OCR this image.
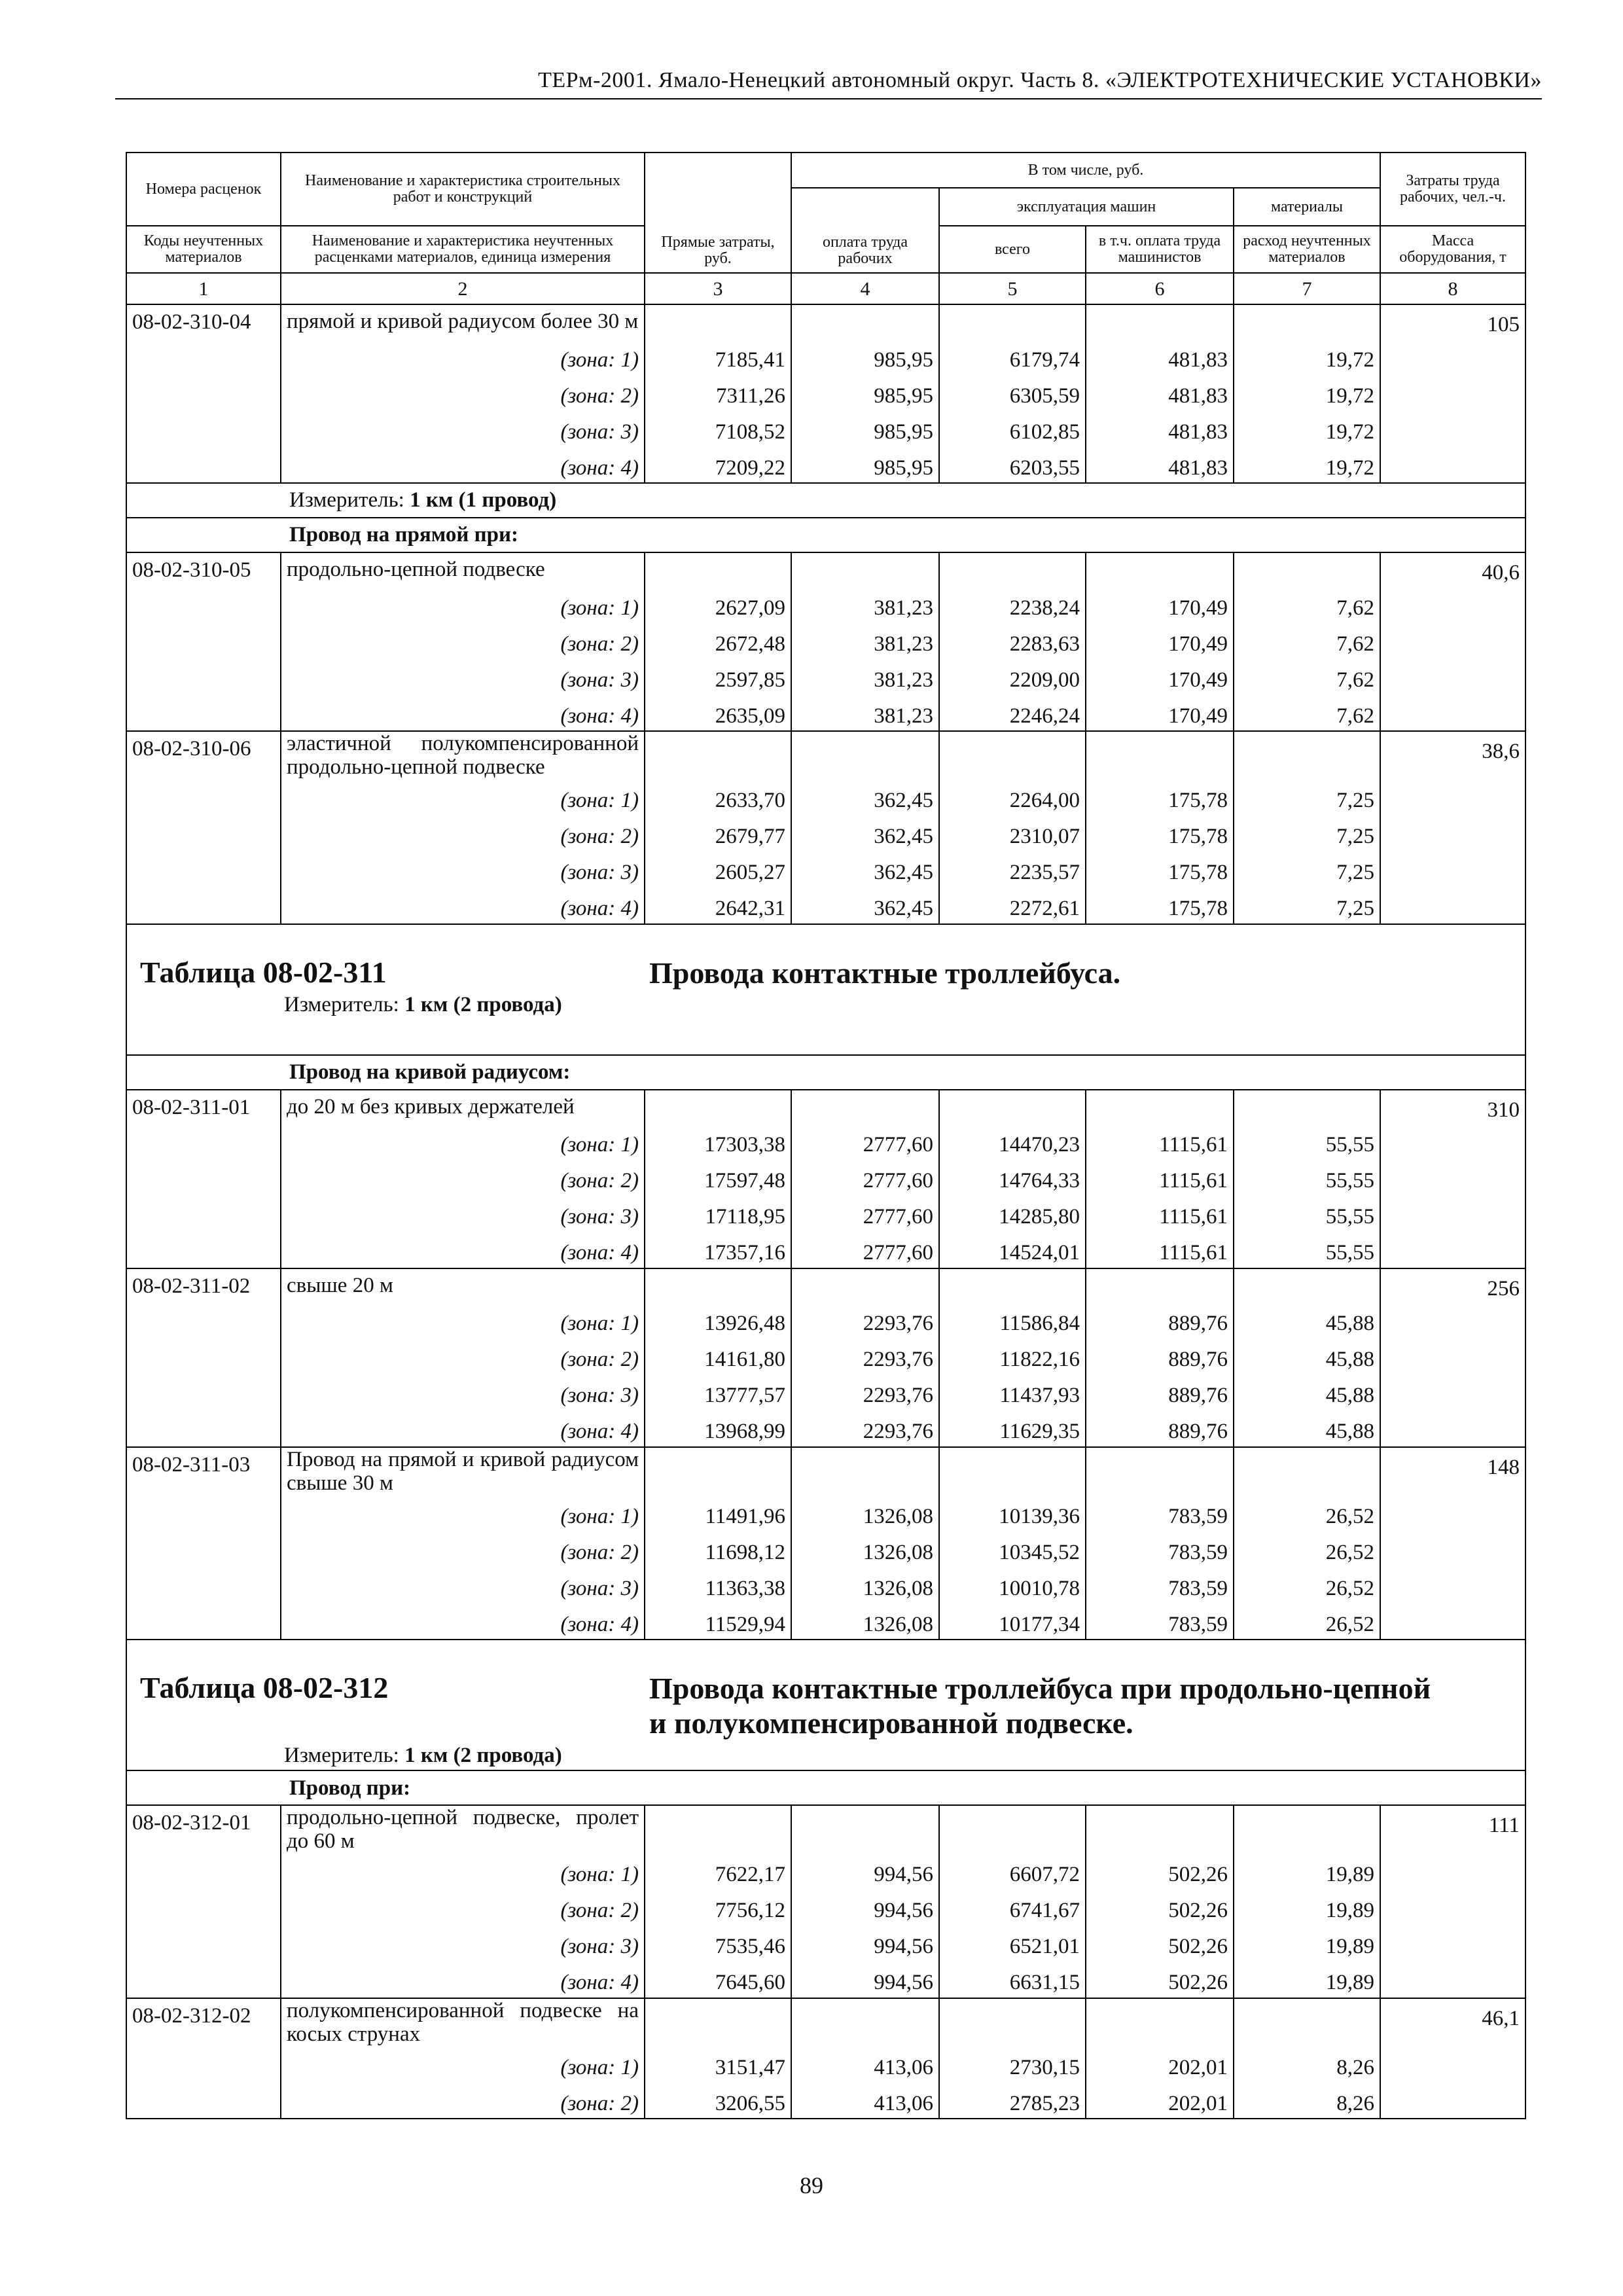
ТЕРм-2001. Ямало-Ненецкий автономный округ. Часть 8. «ЭЛЕКТРОТЕХНИЧЕСКИЕ УСТАНОВКИ»
Номера расценок	Наименование и характеристика строительных работ и конструкций	Прямые затраты, руб.	В том числе, руб.				Затраты труда рабочих, чел.-ч.
			оплата труда рабочих	эксплуатация машин		материалы	
Коды неучтенных материалов	Наименование и характеристика неучтенных расценками материалов, единица измерения			всего	в т.ч. оплата труда машинистов	расход неучтенных материалов	Масса оборудования, т
1	2	3	4	5	6	7	8
08-02-310-04	прямой и кривой радиусом более 30 м						105
	(зона: 1)	7185,41	985,95	6179,74	481,83	19,72	
	(зона: 2)	7311,26	985,95	6305,59	481,83	19,72	
	(зона: 3)	7108,52	985,95	6102,85	481,83	19,72	
	(зона: 4)	7209,22	985,95	6203,55	481,83	19,72	
Измеритель: 1 км (1 провод)							
Провод на прямой при:							
08-02-310-05	продольно-цепной подвеске						40,6
	(зона: 1)	2627,09	381,23	2238,24	170,49	7,62	
	(зона: 2)	2672,48	381,23	2283,63	170,49	7,62	
	(зона: 3)	2597,85	381,23	2209,00	170,49	7,62	
	(зона: 4)	2635,09	381,23	2246,24	170,49	7,62	
08-02-310-06	эластичной полукомпенсированной продольно-цепной подвеске						38,6
	(зона: 1)	2633,70	362,45	2264,00	175,78	7,25	
	(зона: 2)	2679,77	362,45	2310,07	175,78	7,25	
	(зона: 3)	2605,27	362,45	2235,57	175,78	7,25	
	(зона: 4)	2642,31	362,45	2272,61	175,78	7,25	
Таблица 08-02-311 Провода контактные троллейбуса.
Измеритель: 1 км (2 провода)							

Провод на кривой радиусом:							
08-02-311-01	до 20 м без кривых держателей						310
	(зона: 1)	17303,38	2777,60	14470,23	1115,61	55,55	
	(зона: 2)	17597,48	2777,60	14764,33	1115,61	55,55	
	(зона: 3)	17118,95	2777,60	14285,80	1115,61	55,55	
	(зона: 4)	17357,16	2777,60	14524,01	1115,61	55,55	
08-02-311-02	свыше 20 м						256
	(зона: 1)	13926,48	2293,76	11586,84	889,76	45,88	
	(зона: 2)	14161,80	2293,76	11822,16	889,76	45,88	
	(зона: 3)	13777,57	2293,76	11437,93	889,76	45,88	
	(зона: 4)	13968,99	2293,76	11629,35	889,76	45,88	
08-02-311-03	Провод на прямой и кривой радиусом свыше 30 м						148
	(зона: 1)	11491,96	1326,08	10139,36	783,59	26,52	
	(зона: 2)	11698,12	1326,08	10345,52	783,59	26,52	
	(зона: 3)	11363,38	1326,08	10010,78	783,59	26,52	
	(зона: 4)	11529,94	1326,08	10177,34	783,59	26,52	
Таблица 08-02-312 Провода контактные троллейбуса при продольно-цепной и полукомпенсированной подвеске.
Измеритель: 1 км (2 провода)							

Провод при:							
08-02-312-01	продольно-цепной подвеске, пролет до 60 м						111
	(зона: 1)	7622,17	994,56	6607,72	502,26	19,89	
	(зона: 2)	7756,12	994,56	6741,67	502,26	19,89	
	(зона: 3)	7535,46	994,56	6521,01	502,26	19,89	
	(зона: 4)	7645,60	994,56	6631,15	502,26	19,89	
08-02-312-02	полукомпенсированной подвеске на косых струнах						46,1
	(зона: 1)	3151,47	413,06	2730,15	202,01	8,26	
	(зона: 2)	3206,55	413,06	2785,23	202,01	8,26	
89
